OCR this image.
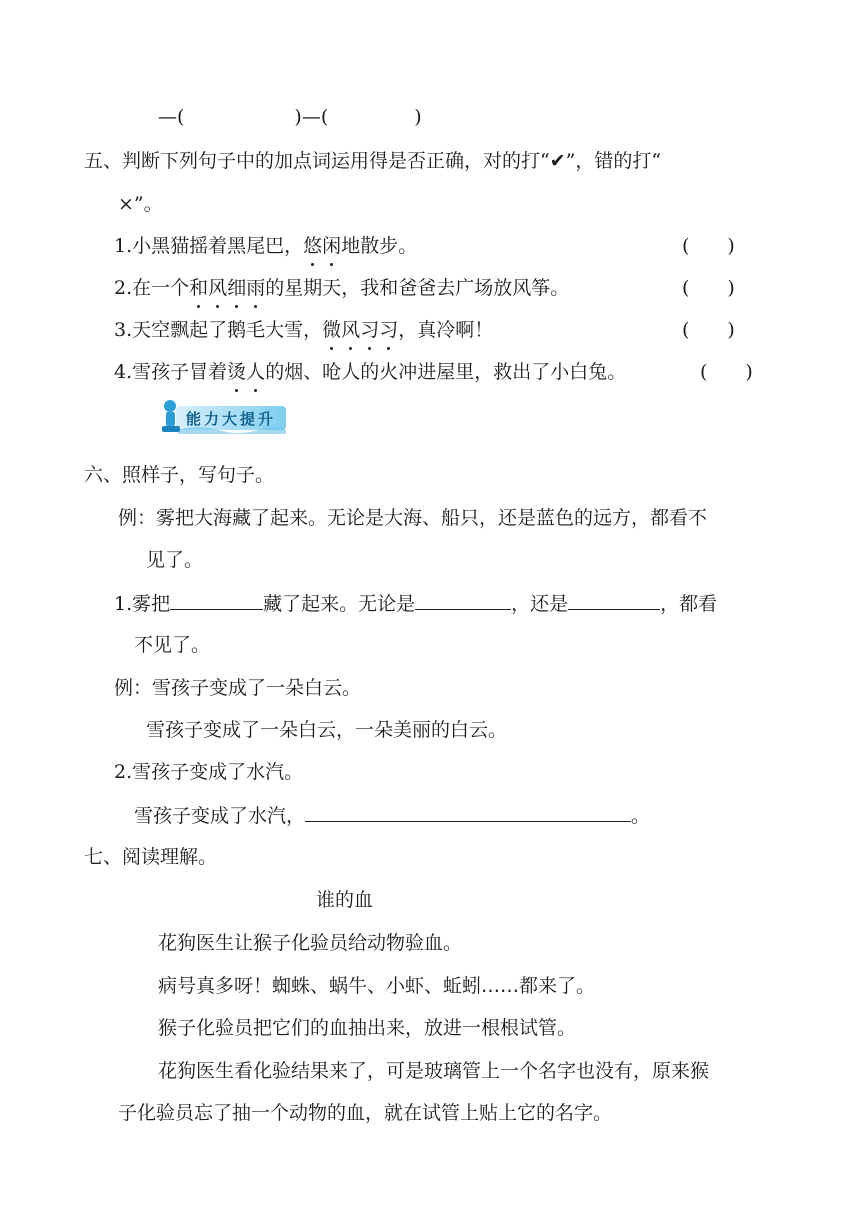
—(	)—(	)
五、判断下列句子中的加点词运用得是否正确，对的打“✔”，错的打“
×”。
1.小黑猫摇着黑尾巴，悠闲地散步。	(　　)
2.在一个和风细雨的星期天，我和爸爸去广场放风筝。	(　　)
3.天空飘起了鹅毛大雪，微风习习，真冷啊！	(　　)
4.雪孩子冒着烫人的烟、呛人的火冲进屋里，救出了小白兔。	(　　)
能力大提升
六、照样子，写句子。
例：雾把大海藏了起来。无论是大海、船只，还是蓝色的远方，都看不
见了。
1.雾把	藏了起来。无论是	，还是	，都看
不见了。
例：雪孩子变成了一朵白云。
雪孩子变成了一朵白云，一朵美丽的白云。
2.雪孩子变成了水汽。
雪孩子变成了水汽，	。
七、阅读理解。
谁的血
花狗医生让猴子化验员给动物验血。
病号真多呀！蜘蛛、蜗牛、小虾、蚯蚓……都来了。
猴子化验员把它们的血抽出来，放进一根根试管。
花狗医生看化验结果来了，可是玻璃管上一个名字也没有，原来猴
子化验员忘了抽一个动物的血，就在试管上贴上它的名字。
